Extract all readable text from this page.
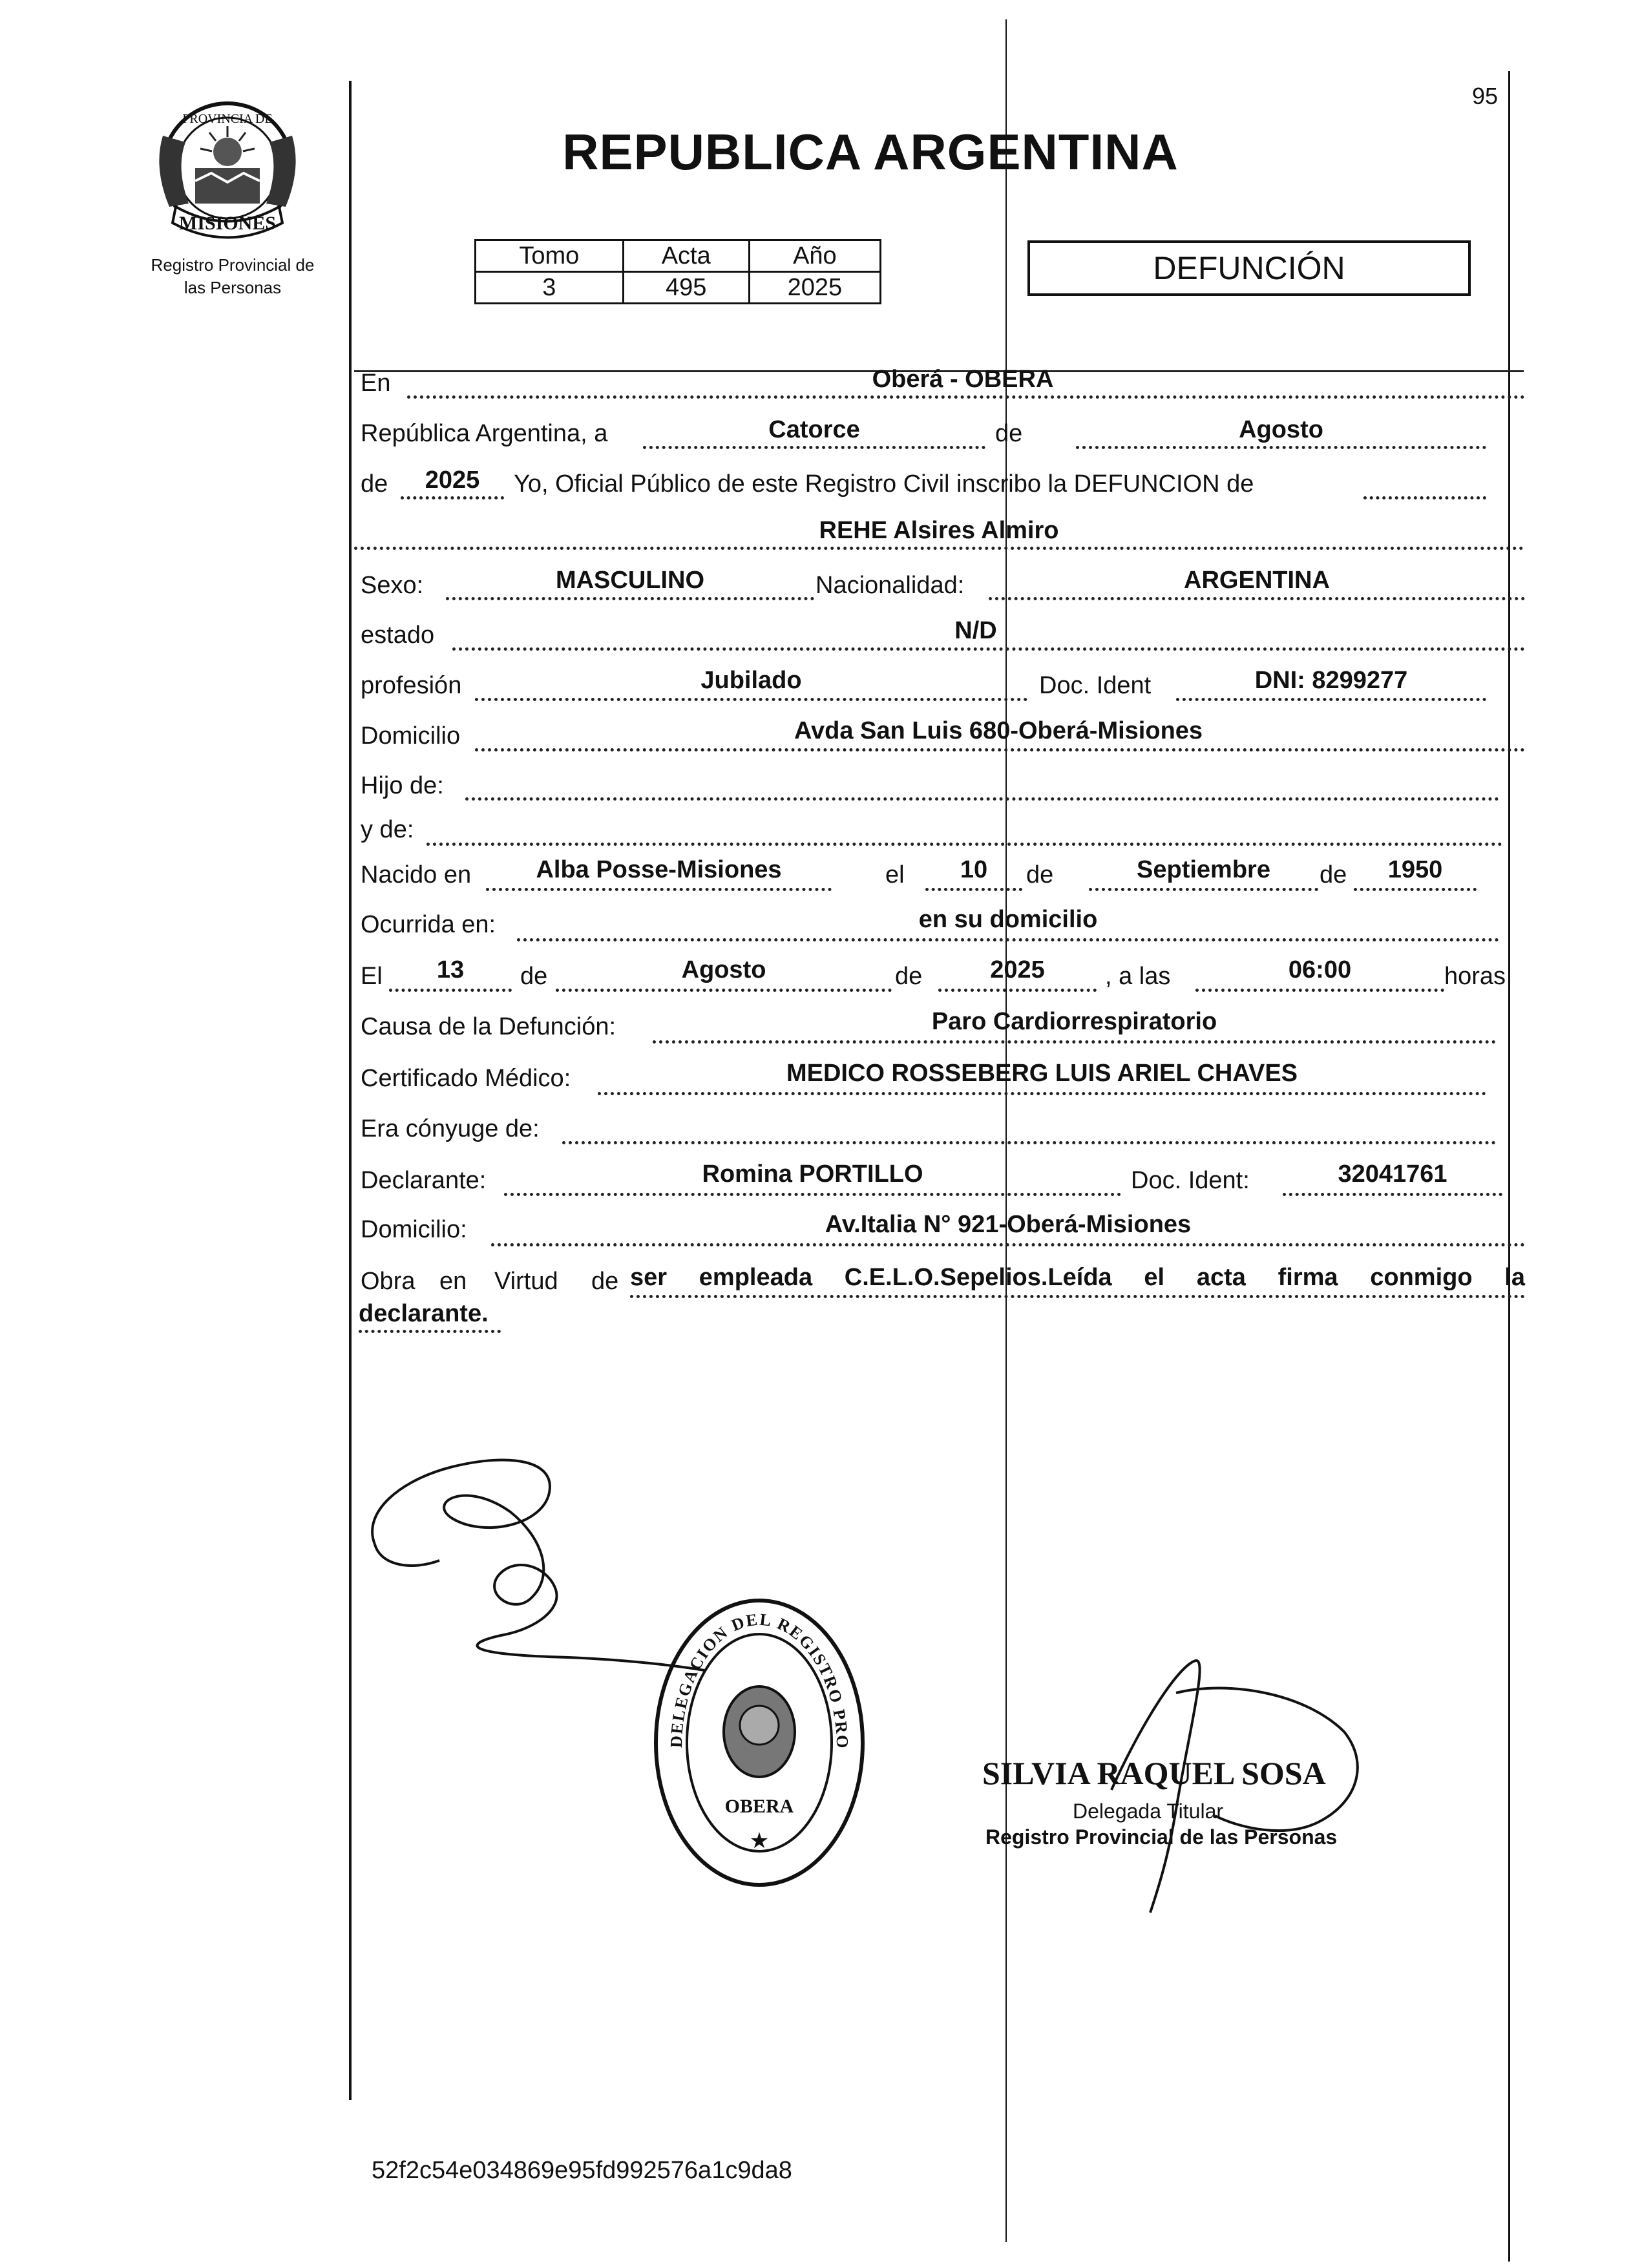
95
MISIONES
PROVINCIA DE
Registro Provincial de
las Personas
REPUBLICA ARGENTINA
Tomo	Acta	Año
3	495	2025
DEFUNCIÓN
En	Oberá - OBERA
República Argentina, a	Catorce	de	Agosto
de	2025	Yo, Oficial Público de este Registro Civil inscribo la DEFUNCION de
REHE Alsires Almiro
Sexo:	MASCULINO	Nacionalidad:	ARGENTINA
estado	N/D
profesión	Jubilado	Doc. Ident	DNI: 8299277
Domicilio	Avda San Luis 680-Oberá-Misiones
Hijo de:
y de:
Nacido en	Alba Posse-Misiones	el	10	de	Septiembre	de	1950
Ocurrida en:	en su domicilio
El	13	de	Agosto	de	2025	, a las	06:00	horas
Causa de la Defunción:	Paro Cardiorrespiratorio
Certificado Médico:	MEDICO ROSSEBERG LUIS ARIEL CHAVES
Era cónyuge de:
Declarante:	Romina PORTILLO	Doc. Ident:	32041761
Domicilio:	Av.Italia N° 921-Oberá-Misiones
Obra en Virtud de ser empleada C.E.L.O.Sepelios.Leída el acta firma conmigo la
declarante.
DELEGACION DEL REGISTRO PRO
OBERA
★
SILVIA RAQUEL SOSA
Delegada Titular
Registro Provincial de las Personas
52f2c54e034869e95fd992576a1c9da8
